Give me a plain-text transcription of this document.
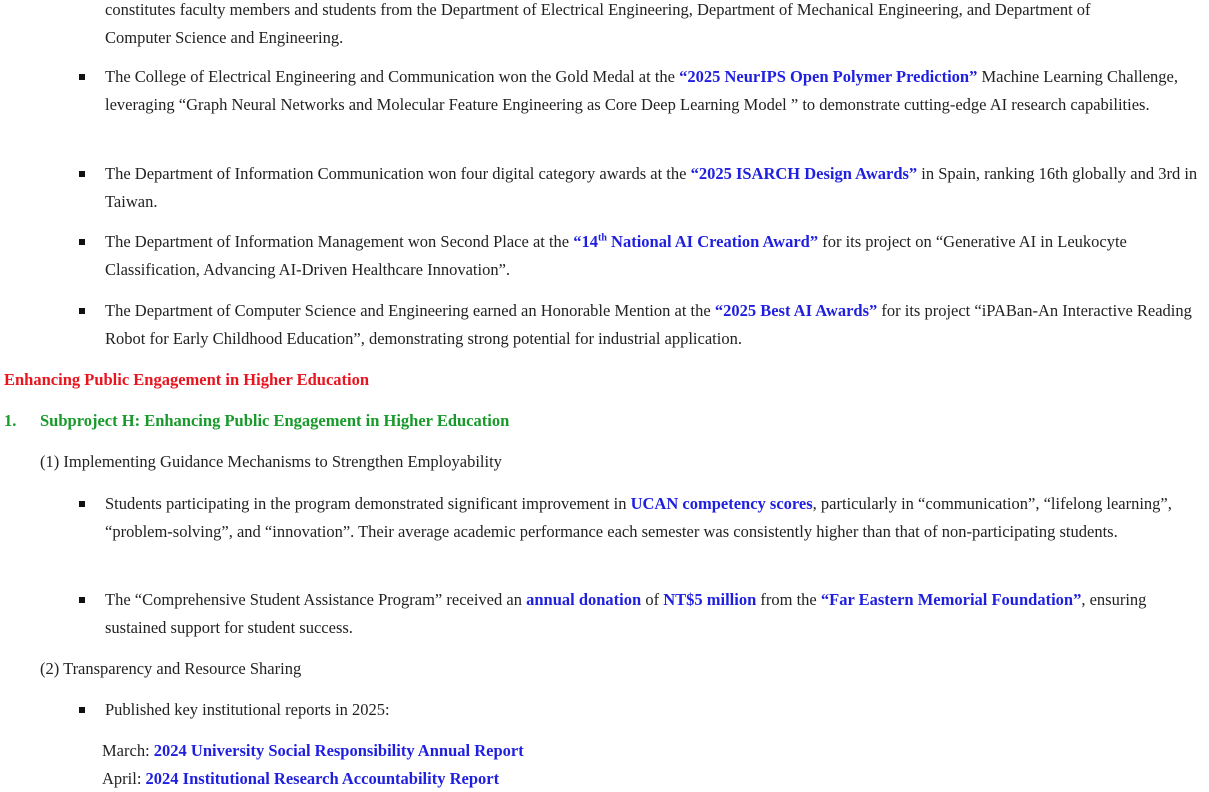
constitutes faculty members and students from the Department of Electrical Engineering, Department of Mechanical Engineering, and Department of
Computer Science and Engineering.
The College of Electrical Engineering and Communication won the Gold Medal at the “2025 NeurIPS Open Polymer Prediction” Machine Learning Challenge, leveraging “Graph Neural Networks and Molecular Feature Engineering as Core Deep Learning Model ” to demonstrate cutting-edge AI research capabilities.
The Department of Information Communication won four digital category awards at the “2025 ISARCH Design Awards” in Spain, ranking 16th globally and 3rd in Taiwan.
The Department of Information Management won Second Place at the “14th National AI Creation Award” for its project on “Generative AI in Leukocyte Classification, Advancing AI-Driven Healthcare Innovation”.
The Department of Computer Science and Engineering earned an Honorable Mention at the “2025 Best AI Awards” for its project “iPABan-An Interactive Reading Robot for Early Childhood Education”, demonstrating strong potential for industrial application.
Enhancing Public Engagement in Higher Education
1. Subproject H: Enhancing Public Engagement in Higher Education
(1) Implementing Guidance Mechanisms to Strengthen Employability
Students participating in the program demonstrated significant improvement in UCAN competency scores, particularly in “communication”, “lifelong learning”, “problem-solving”, and “innovation”. Their average academic performance each semester was consistently higher than that of non-participating students.
The “Comprehensive Student Assistance Program” received an annual donation of NT$5 million from the “Far Eastern Memorial Foundation”, ensuring sustained support for student success.
(2) Transparency and Resource Sharing
Published key institutional reports in 2025:
March: 2024 University Social Responsibility Annual Report
April: 2024 Institutional Research Accountability Report
